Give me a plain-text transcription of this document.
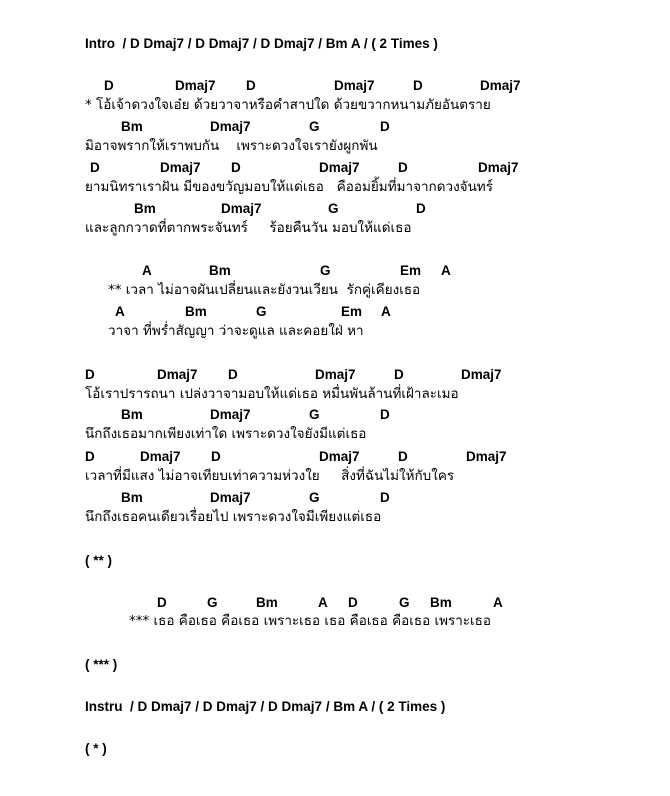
Intro  / D Dmaj7 / D Dmaj7 / D Dmaj7 / Bm A / ( 2 Times )
D	Dmaj7 D	Dmaj7	D	Dmaj7
* โอ้เจ้าดวงใจเอ๋ย ด้วยวาจาหรือคำสาปใด ด้วยขวากหนามภัยอันตราย
Bm	Dmaj7	G	D
มิอาจพรากให้เราพบกัน    เพราะดวงใจเรายังผูกพัน
D	Dmaj7 D	Dmaj7	D	Dmaj7
ยามนิทราเราฝัน มีของขวัญมอบให้แด่เธอ   คืออมยิ้มที่มาจากดวงจันทร์
Bm	Dmaj7	G	D
และลูกกวาดที่ตากพระจันทร์     ร้อยคืนวัน มอบให้แด่เธอ
A	Bm	G	Em A
** เวลา ไม่อาจผันเปลี่ยนและยังวนเวียน  รักคู่เคียงเธอ
A	Bm	G	Em A
วาจา ที่พร่ำสัญญา ว่าจะดูแล และคอยใฝ่ หา
D	Dmaj7 D	Dmaj7	D	Dmaj7
โอ้เราปรารถนา เปล่งวาจามอบให้แด่เธอ หมื่นพันล้านที่เฝ้าละเมอ
Bm	Dmaj7	G	D
นึกถึงเธอมากเพียงเท่าใด เพราะดวงใจยังมีแต่เธอ
D	Dmaj7 D	Dmaj7	D	Dmaj7
เวลาที่มีแสง ไม่อาจเทียบเท่าความห่วงใย     สิ่งที่ฉันไม่ให้กับใคร
Bm	Dmaj7	G	D
นึกถึงเธอคนเดียวเรื่อยไป เพราะดวงใจมีเพียงแต่เธอ
( ** )
D	G	Bm	A D	G Bm	A
*** เธอ คือเธอ คือเธอ เพราะเธอ เธอ คือเธอ คือเธอ เพราะเธอ
( *** )
Instru  / D Dmaj7 / D Dmaj7 / D Dmaj7 / Bm A / ( 2 Times )
( * )
